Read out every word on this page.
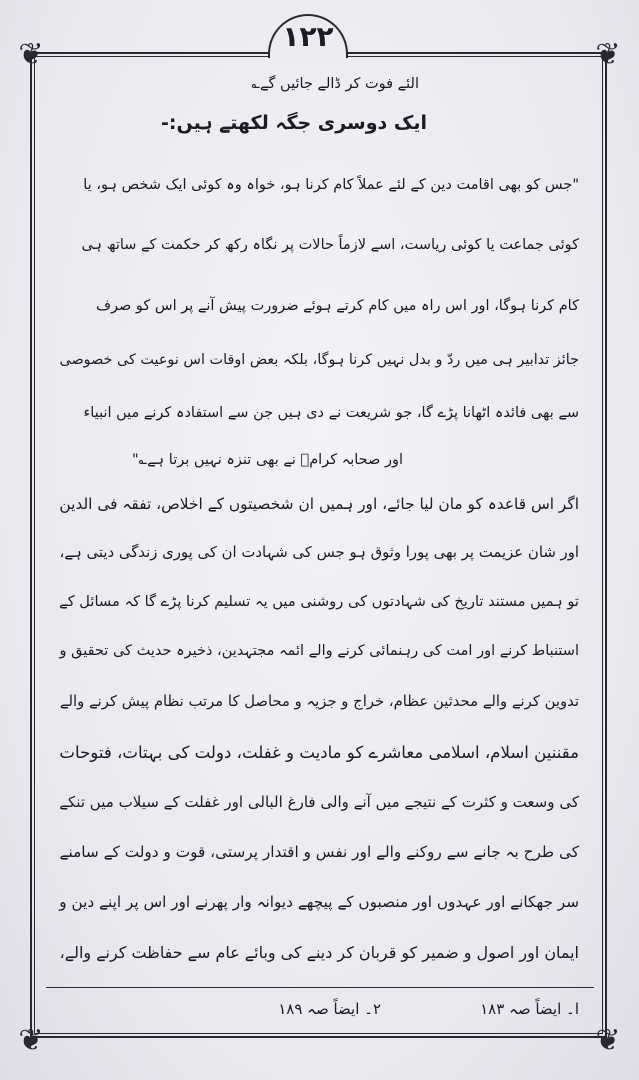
❦	❦
❦	❦
١٢٢
الئے فوت کر ڈالے جائیں گے؎
ایک دوسری جگہ لکھتے ہیں:-
"جس کو بھی اقامت دین کے لئے عملاً کام کرنا ہو، خواہ وہ کوئی ایک شخص ہو، یا
کوئی جماعت یا کوئی ریاست، اسے لازماً حالات پر نگاہ رکھ کر حکمت کے ساتھ ہی
کام کرنا ہوگا، اور اس راہ میں کام کرتے ہوئے ضرورت پیش آنے پر اس کو صرف
جائز تدابیر ہی میں ردّ و بدل نہیں کرنا ہوگا، بلکہ بعض اوقات اس نوعیت کی خصوصی
سے بھی فائدہ اٹھانا پڑے گا، جو شریعت نے دی ہیں جن سے استفادہ کرنے میں انبیاء
اور صحابہ کرامؓ نے بھی تنزہ نہیں برتا ہے؎"
اگر اس قاعدہ کو مان لیا جائے، اور ہمیں ان شخصیتوں کے اخلاص، تفقہ فی الدین
اور شان عزیمت پر بھی پورا وثوق ہو جس کی شہادت ان کی پوری زندگی دیتی ہے،
تو ہمیں مستند تاریخ کی شہادتوں کی روشنی میں یہ تسلیم کرنا پڑے گا کہ مسائل کے
استنباط کرنے اور امت کی رہنمائی کرنے والے ائمہ مجتہدین، ذخیرہ حدیث کی تحقیق و
تدوین کرنے والے محدثین عظام، خراج و جزیہ و محاصل کا مرتب نظام پیش کرنے والے
مقننین اسلام، اسلامی معاشرے کو مادیت و غفلت، دولت کی بہتات، فتوحات
کی وسعت و کثرت کے نتیجے میں آنے والی فارغ البالی اور غفلت کے سیلاب میں تنکے
کی طرح بہ جانے سے روکنے والے اور نفس و اقتدار پرستی، قوت و دولت کے سامنے
سر جھکانے اور عہدوں اور منصبوں کے پیچھے دیوانہ وار پھرنے اور اس پر اپنے دین و
ایمان اور اصول و ضمیر کو قربان کر دینے کی وبائے عام سے حفاظت کرنے والے،
ا۔ ایضاً صہ ۱۸۳
۲۔ ایضاً صہ ۱۸۹
